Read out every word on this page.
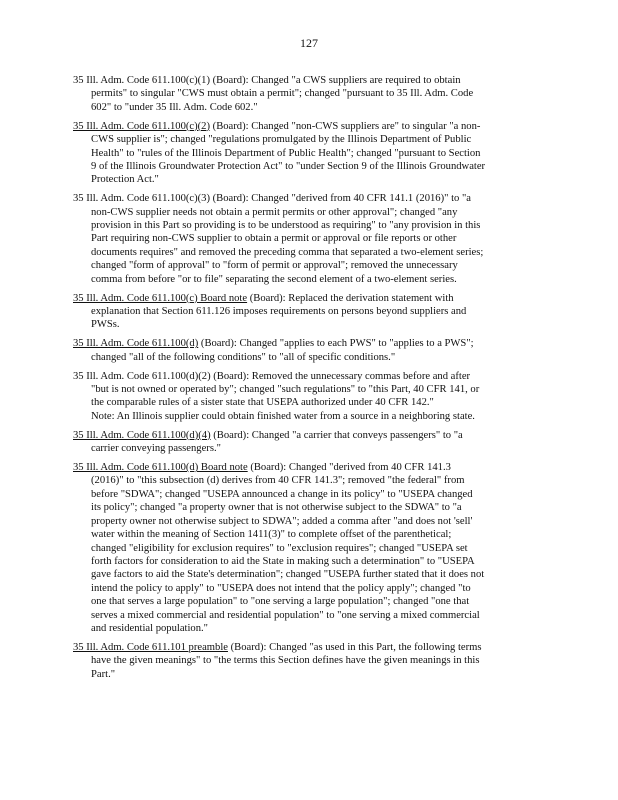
127
35 Ill. Adm. Code 611.100(c)(1) (Board): Changed "a CWS suppliers are required to obtain
permits" to singular "CWS must obtain a permit"; changed "pursuant to 35 Ill. Adm. Code
602" to "under 35 Ill. Adm. Code 602."
35 Ill. Adm. Code 611.100(c)(2) (Board): Changed "non-CWS suppliers are" to singular "a non-
CWS supplier is"; changed "regulations promulgated by the Illinois Department of Public
Health" to "rules of the Illinois Department of Public Health"; changed "pursuant to Section
9 of the Illinois Groundwater Protection Act" to "under Section 9 of the Illinois Groundwater
Protection Act."
35 Ill. Adm. Code 611.100(c)(3) (Board): Changed "derived from 40 CFR 141.1 (2016)" to "a
non-CWS supplier needs not obtain a permit permits or other approval"; changed "any
provision in this Part so providing is to be understood as requiring" to "any provision in this
Part requiring non-CWS supplier to obtain a permit or approval or file reports or other
documents requires" and removed the preceding comma that separated a two-element series;
changed "form of approval" to "form of permit or approval"; removed the unnecessary
comma from before "or to file" separating the second element of a two-element series.
35 Ill. Adm. Code 611.100(c) Board note (Board): Replaced the derivation statement with
explanation that Section 611.126 imposes requirements on persons beyond suppliers and
PWSs.
35 Ill. Adm. Code 611.100(d) (Board): Changed "applies to each PWS" to "applies to a PWS";
changed "all of the following conditions" to "all of specific conditions."
35 Ill. Adm. Code 611.100(d)(2) (Board): Removed the unnecessary commas before and after
"but is not owned or operated by"; changed "such regulations" to "this Part, 40 CFR 141, or
the comparable rules of a sister state that USEPA authorized under 40 CFR 142."
Note: An Illinois supplier could obtain finished water from a source in a neighboring state.
35 Ill. Adm. Code 611.100(d)(4) (Board): Changed "a carrier that conveys passengers" to "a
carrier conveying passengers."
35 Ill. Adm. Code 611.100(d) Board note (Board): Changed "derived from 40 CFR 141.3
(2016)" to "this subsection (d) derives from 40 CFR 141.3"; removed "the federal" from
before "SDWA"; changed "USEPA announced a change in its policy" to "USEPA changed
its policy"; changed "a property owner that is not otherwise subject to the SDWA" to "a
property owner not otherwise subject to SDWA"; added a comma after "and does not 'sell'
water within the meaning of Section 1411(3)" to complete offset of the parenthetical;
changed "eligibility for exclusion requires" to "exclusion requires"; changed "USEPA set
forth factors for consideration to aid the State in making such a determination" to "USEPA
gave factors to aid the State's determination"; changed "USEPA further stated that it does not
intend the policy to apply" to "USEPA does not intend that the policy apply"; changed "to
one that serves a large population" to "one serving a large population"; changed "one that
serves a mixed commercial and residential population" to "one serving a mixed commercial
and residential population."
35 Ill. Adm. Code 611.101 preamble (Board): Changed "as used in this Part, the following terms
have the given meanings" to "the terms this Section defines have the given meanings in this
Part."
